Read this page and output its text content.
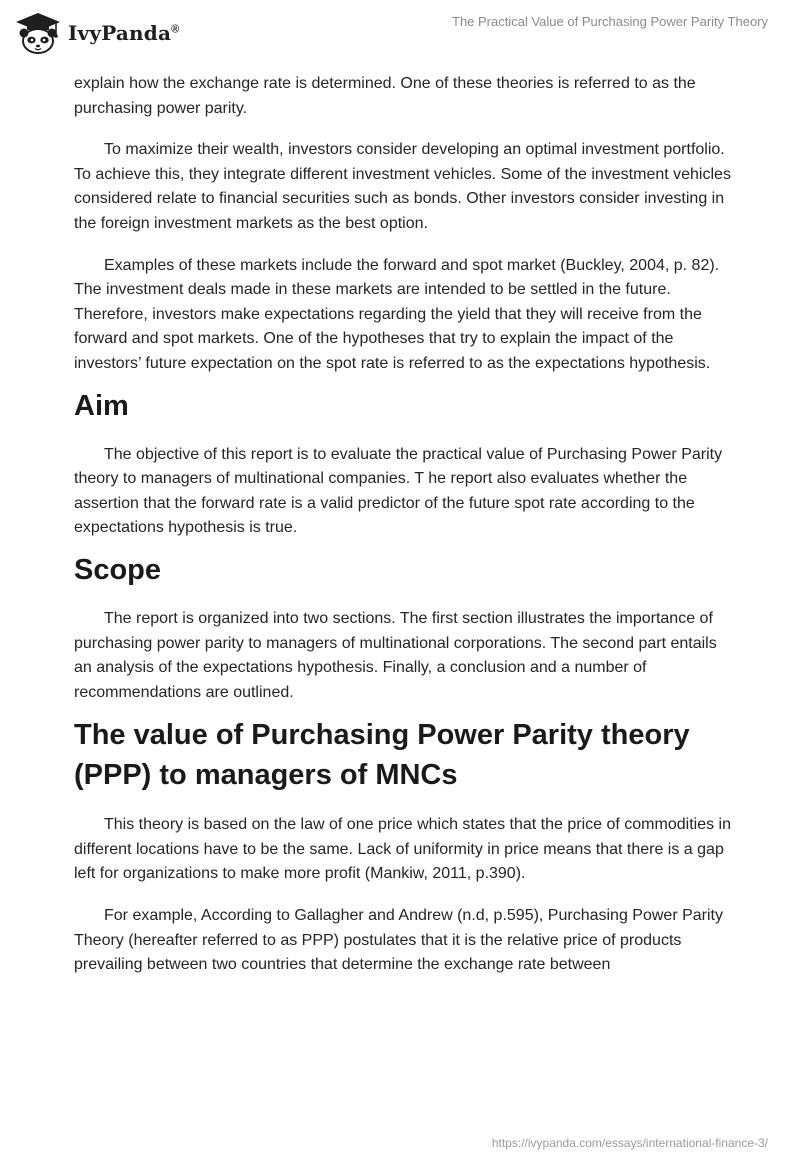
IvyPanda®
The Practical Value of Purchasing Power Parity Theory

explain how the exchange rate is determined. One of these theories is referred to as the purchasing power parity.

To maximize their wealth, investors consider developing an optimal investment portfolio. To achieve this, they integrate different investment vehicles. Some of the investment vehicles considered relate to financial securities such as bonds. Other investors consider investing in the foreign investment markets as the best option.

Examples of these markets include the forward and spot market (Buckley, 2004, p. 82). The investment deals made in these markets are intended to be settled in the future. Therefore, investors make expectations regarding the yield that they will receive from the forward and spot markets. One of the hypotheses that try to explain the impact of the investors’ future expectation on the spot rate is referred to as the expectations hypothesis.

Aim

The objective of this report is to evaluate the practical value of Purchasing Power Parity theory to managers of multinational companies. T he report also evaluates whether the assertion that the forward rate is a valid predictor of the future spot rate according to the expectations hypothesis is true.

Scope

The report is organized into two sections. The first section illustrates the importance of purchasing power parity to managers of multinational corporations. The second part entails an analysis of the expectations hypothesis. Finally, a conclusion and a number of recommendations are outlined.

The value of Purchasing Power Parity theory (PPP) to managers of MNCs

This theory is based on the law of one price which states that the price of commodities in different locations have to be the same. Lack of uniformity in price means that there is a gap left for organizations to make more profit (Mankiw, 2011, p.390).

For example, According to Gallagher and Andrew (n.d, p.595), Purchasing Power Parity Theory (hereafter referred to as PPP) postulates that it is the relative price of products prevailing between two countries that determine the exchange rate between

https://ivypanda.com/essays/international-finance-3/
